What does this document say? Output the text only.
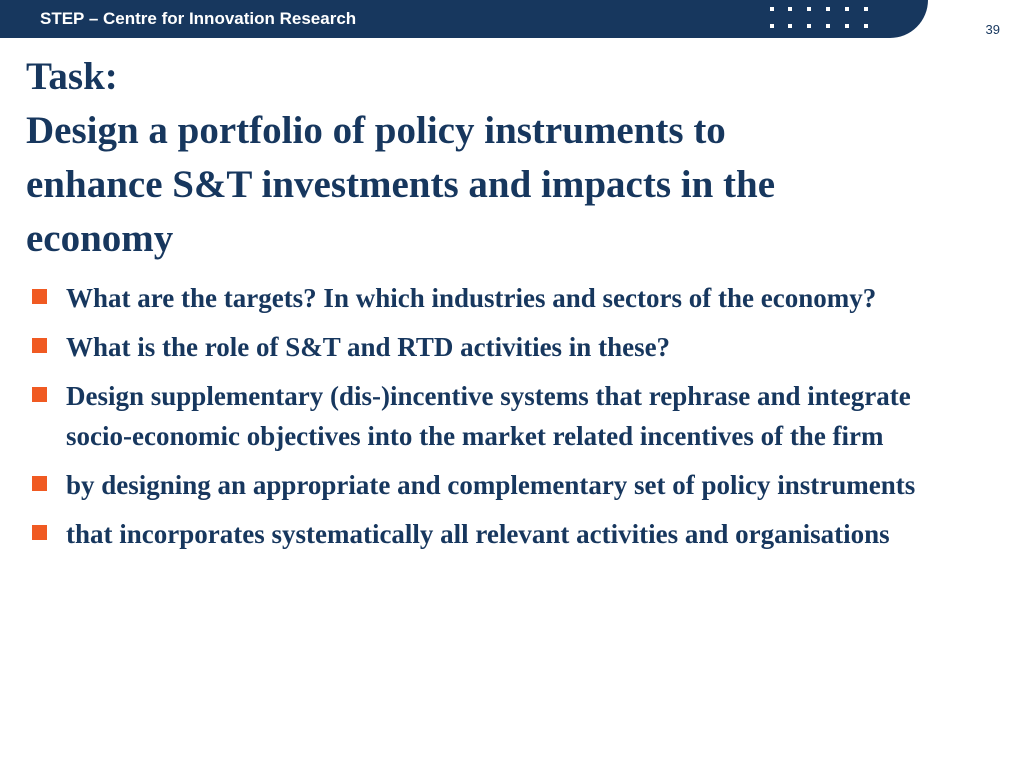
STEP – Centre for Innovation Research
39
Task:
Design a portfolio of policy instruments to
enhance S&T investments and impacts in the
economy
What are the targets? In which industries and sectors of the economy?
What is the role of S&T and RTD activities in these?
Design supplementary (dis-)incentive systems that rephrase and integrate socio-economic objectives into the market related incentives of the firm
by designing an appropriate and complementary set of policy instruments
that incorporates systematically all relevant activities and organisations
